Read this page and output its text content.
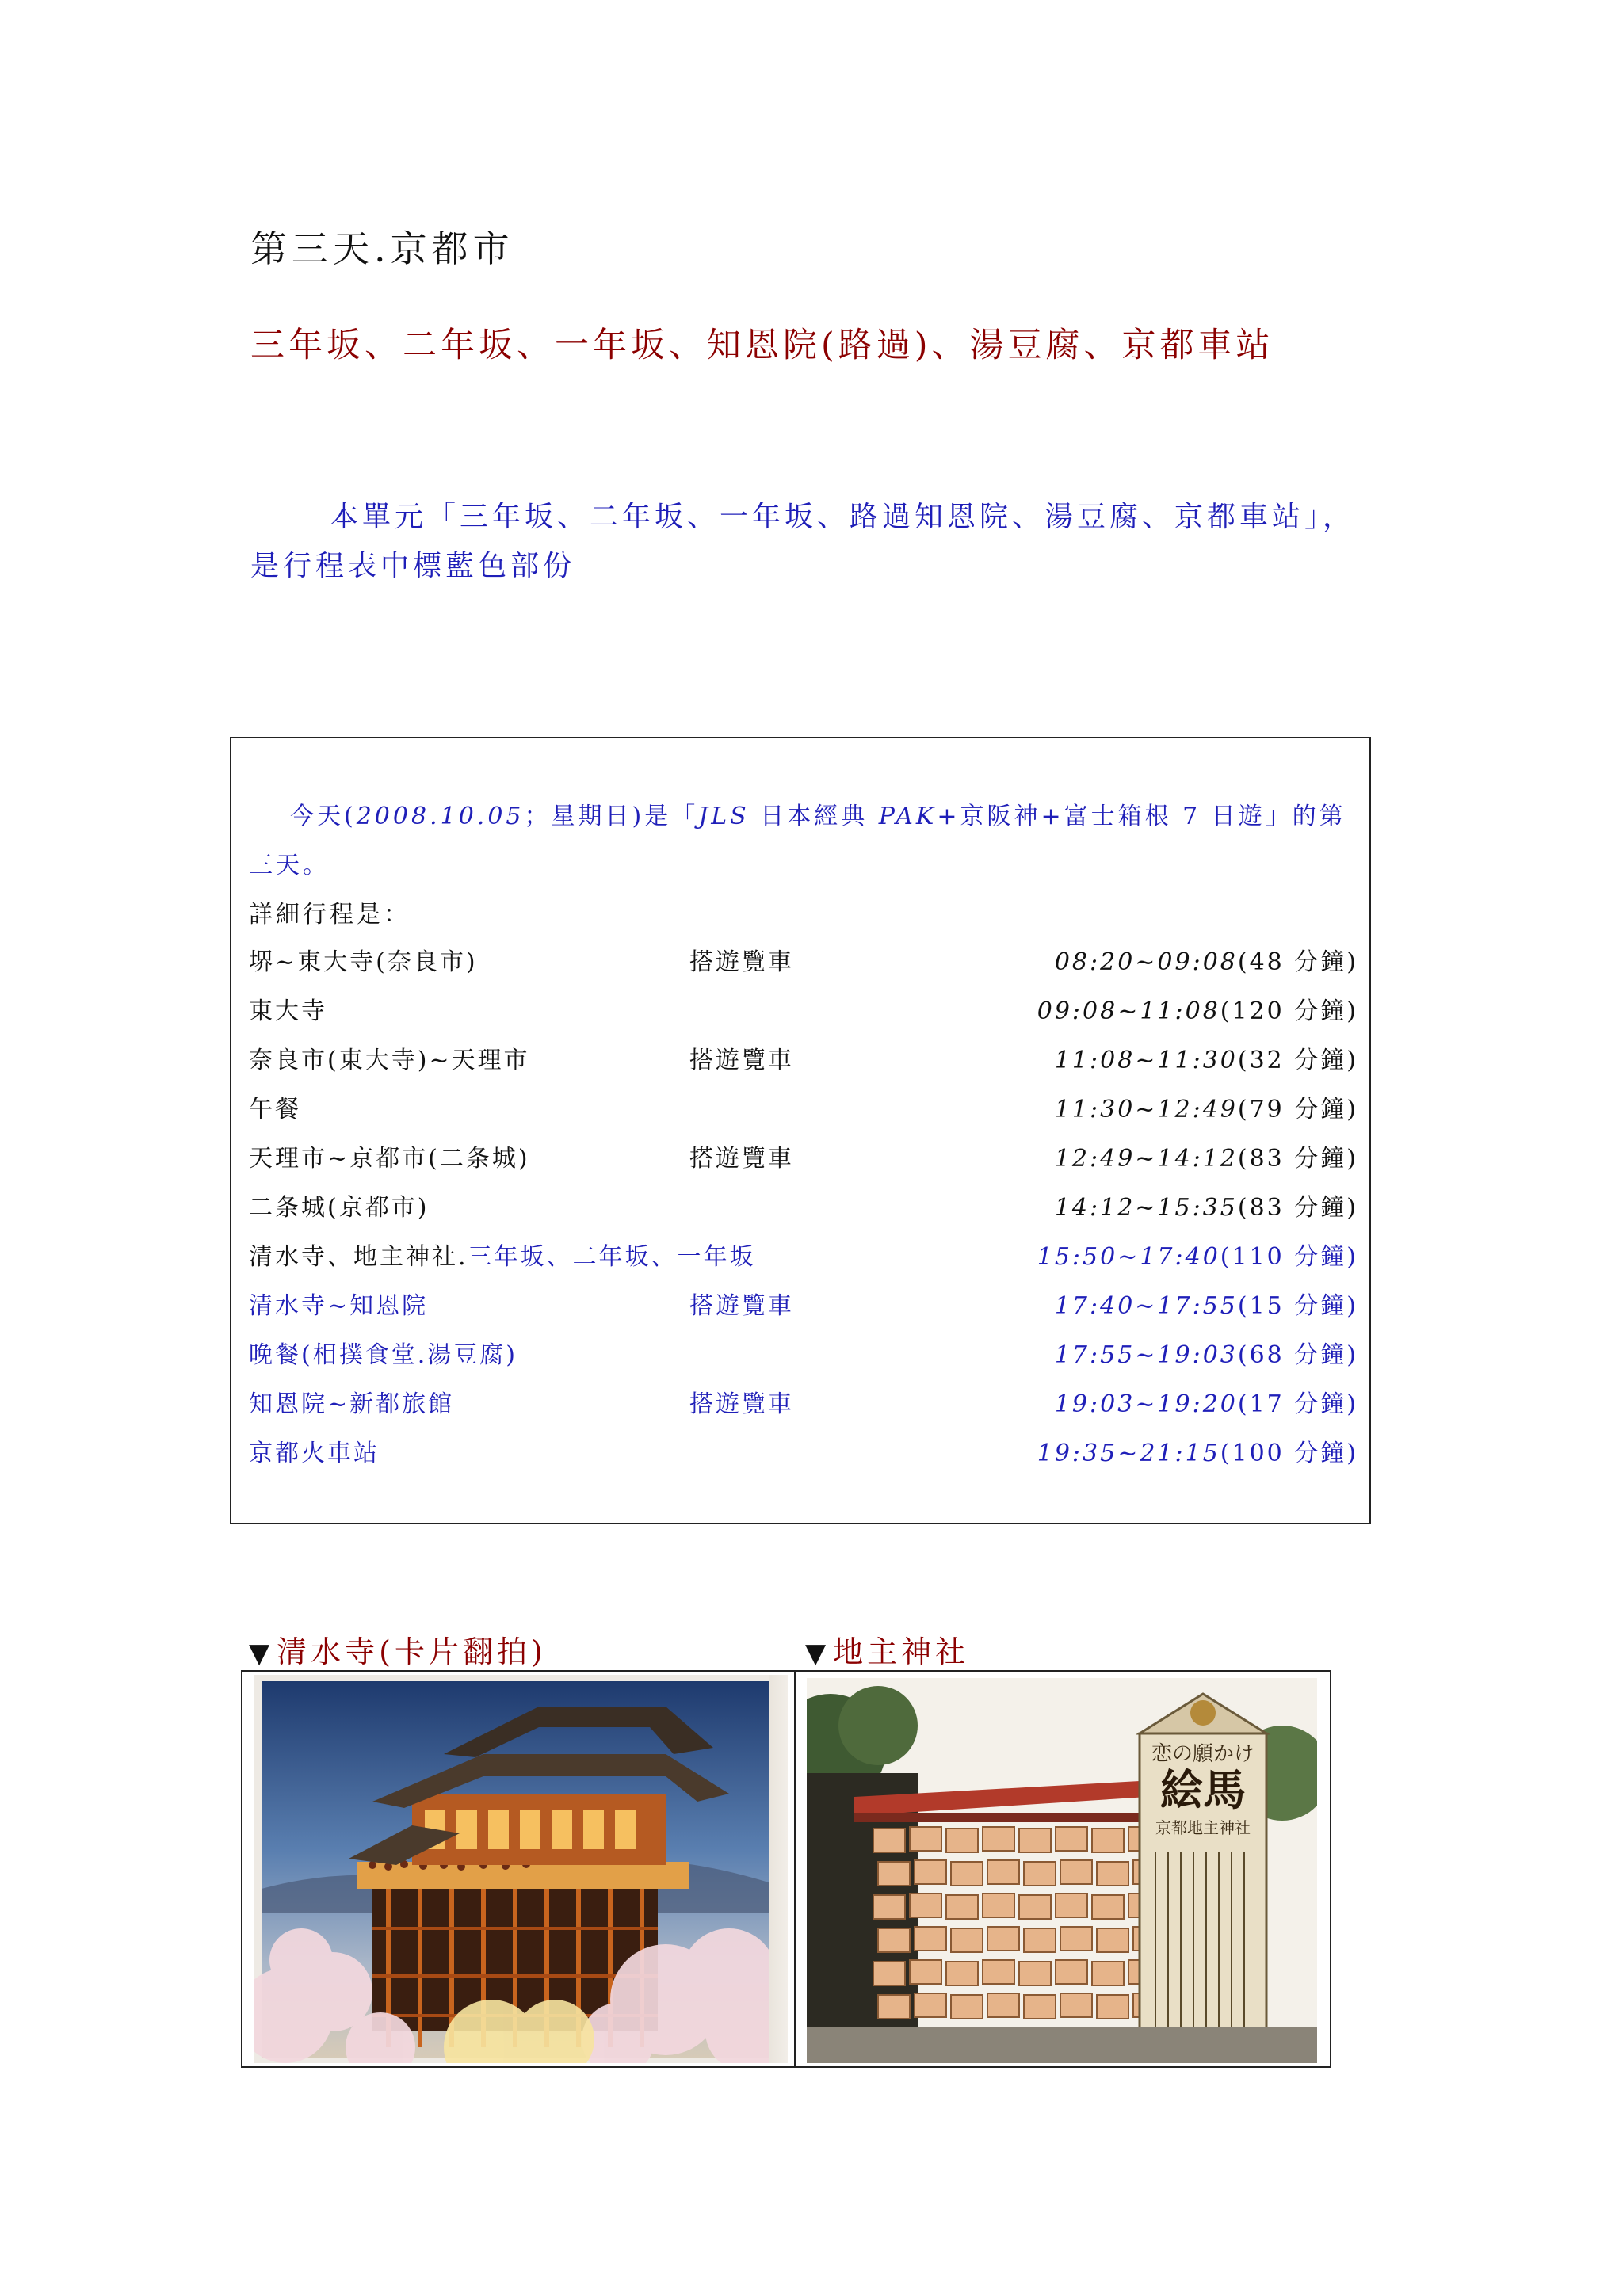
第三天.京都市
三年坂、二年坂、一年坂、知恩院(路過)、湯豆腐、京都車站

本單元「三年坂、二年坂、一年坂、路過知恩院、湯豆腐、京都車站」，是行程表中標藍色部份

今天(2008.10.05；星期日)是「JLS 日本經典 PAK+京阪神+富士箱根 7 日遊」的第三天。
詳細行程是：
堺~東大寺(奈良市)	搭遊覽車	08:20~09:08(48 分鐘)
東大寺	09:08~11:08(120 分鐘)
奈良市(東大寺)~天理市	搭遊覽車	11:08~11:30(32 分鐘)
午餐	11:30~12:49(79 分鐘)
天理市~京都市(二条城)	搭遊覽車	12:49~14:12(83 分鐘)
二条城(京都市)	14:12~15:35(83 分鐘)
清水寺、地主神社.三年坂、二年坂、一年坂	15:50~17:40(110 分鐘)
清水寺~知恩院	搭遊覽車	17:40~17:55(15 分鐘)
晚餐(相撲食堂.湯豆腐)	17:55~19:03(68 分鐘)
知恩院~新都旅館	搭遊覽車	19:03~19:20(17 分鐘)
京都火車站	19:35~21:15(100 分鐘)
▼ 清水寺(卡片翻拍)	▼ 地主神社
恋の願かけ
絵馬
京都地主神社
